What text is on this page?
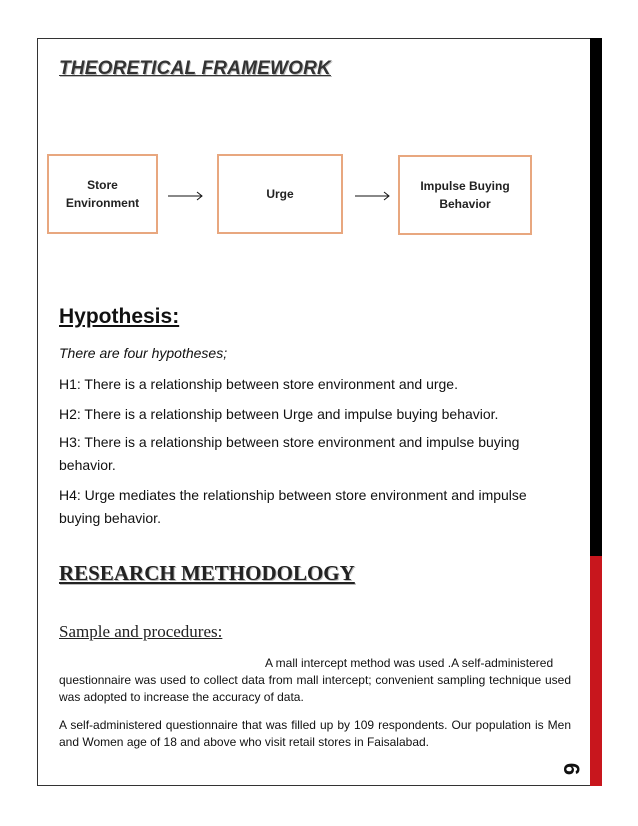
6
THEORETICAL FRAMEWORK
Store
Environment
Urge
Impulse Buying
Behavior
Hypothesis:
There are four hypotheses;
H1: There is a relationship between store environment and urge.
H2: There is a relationship between Urge and impulse buying behavior.
H3: There is a relationship between store environment and impulse buying
behavior.
H4: Urge mediates the relationship between store environment and impulse
buying behavior.
RESEARCH METHODOLOGY
Sample and procedures:
A mall intercept method was used .A self-administered
questionnaire was used to collect data from mall intercept; convenient sampling technique used was adopted to increase the accuracy of data.
A self-administered questionnaire that was filled up by 109 respondents. Our population is Men and Women age of 18 and above who visit retail stores in Faisalabad.
